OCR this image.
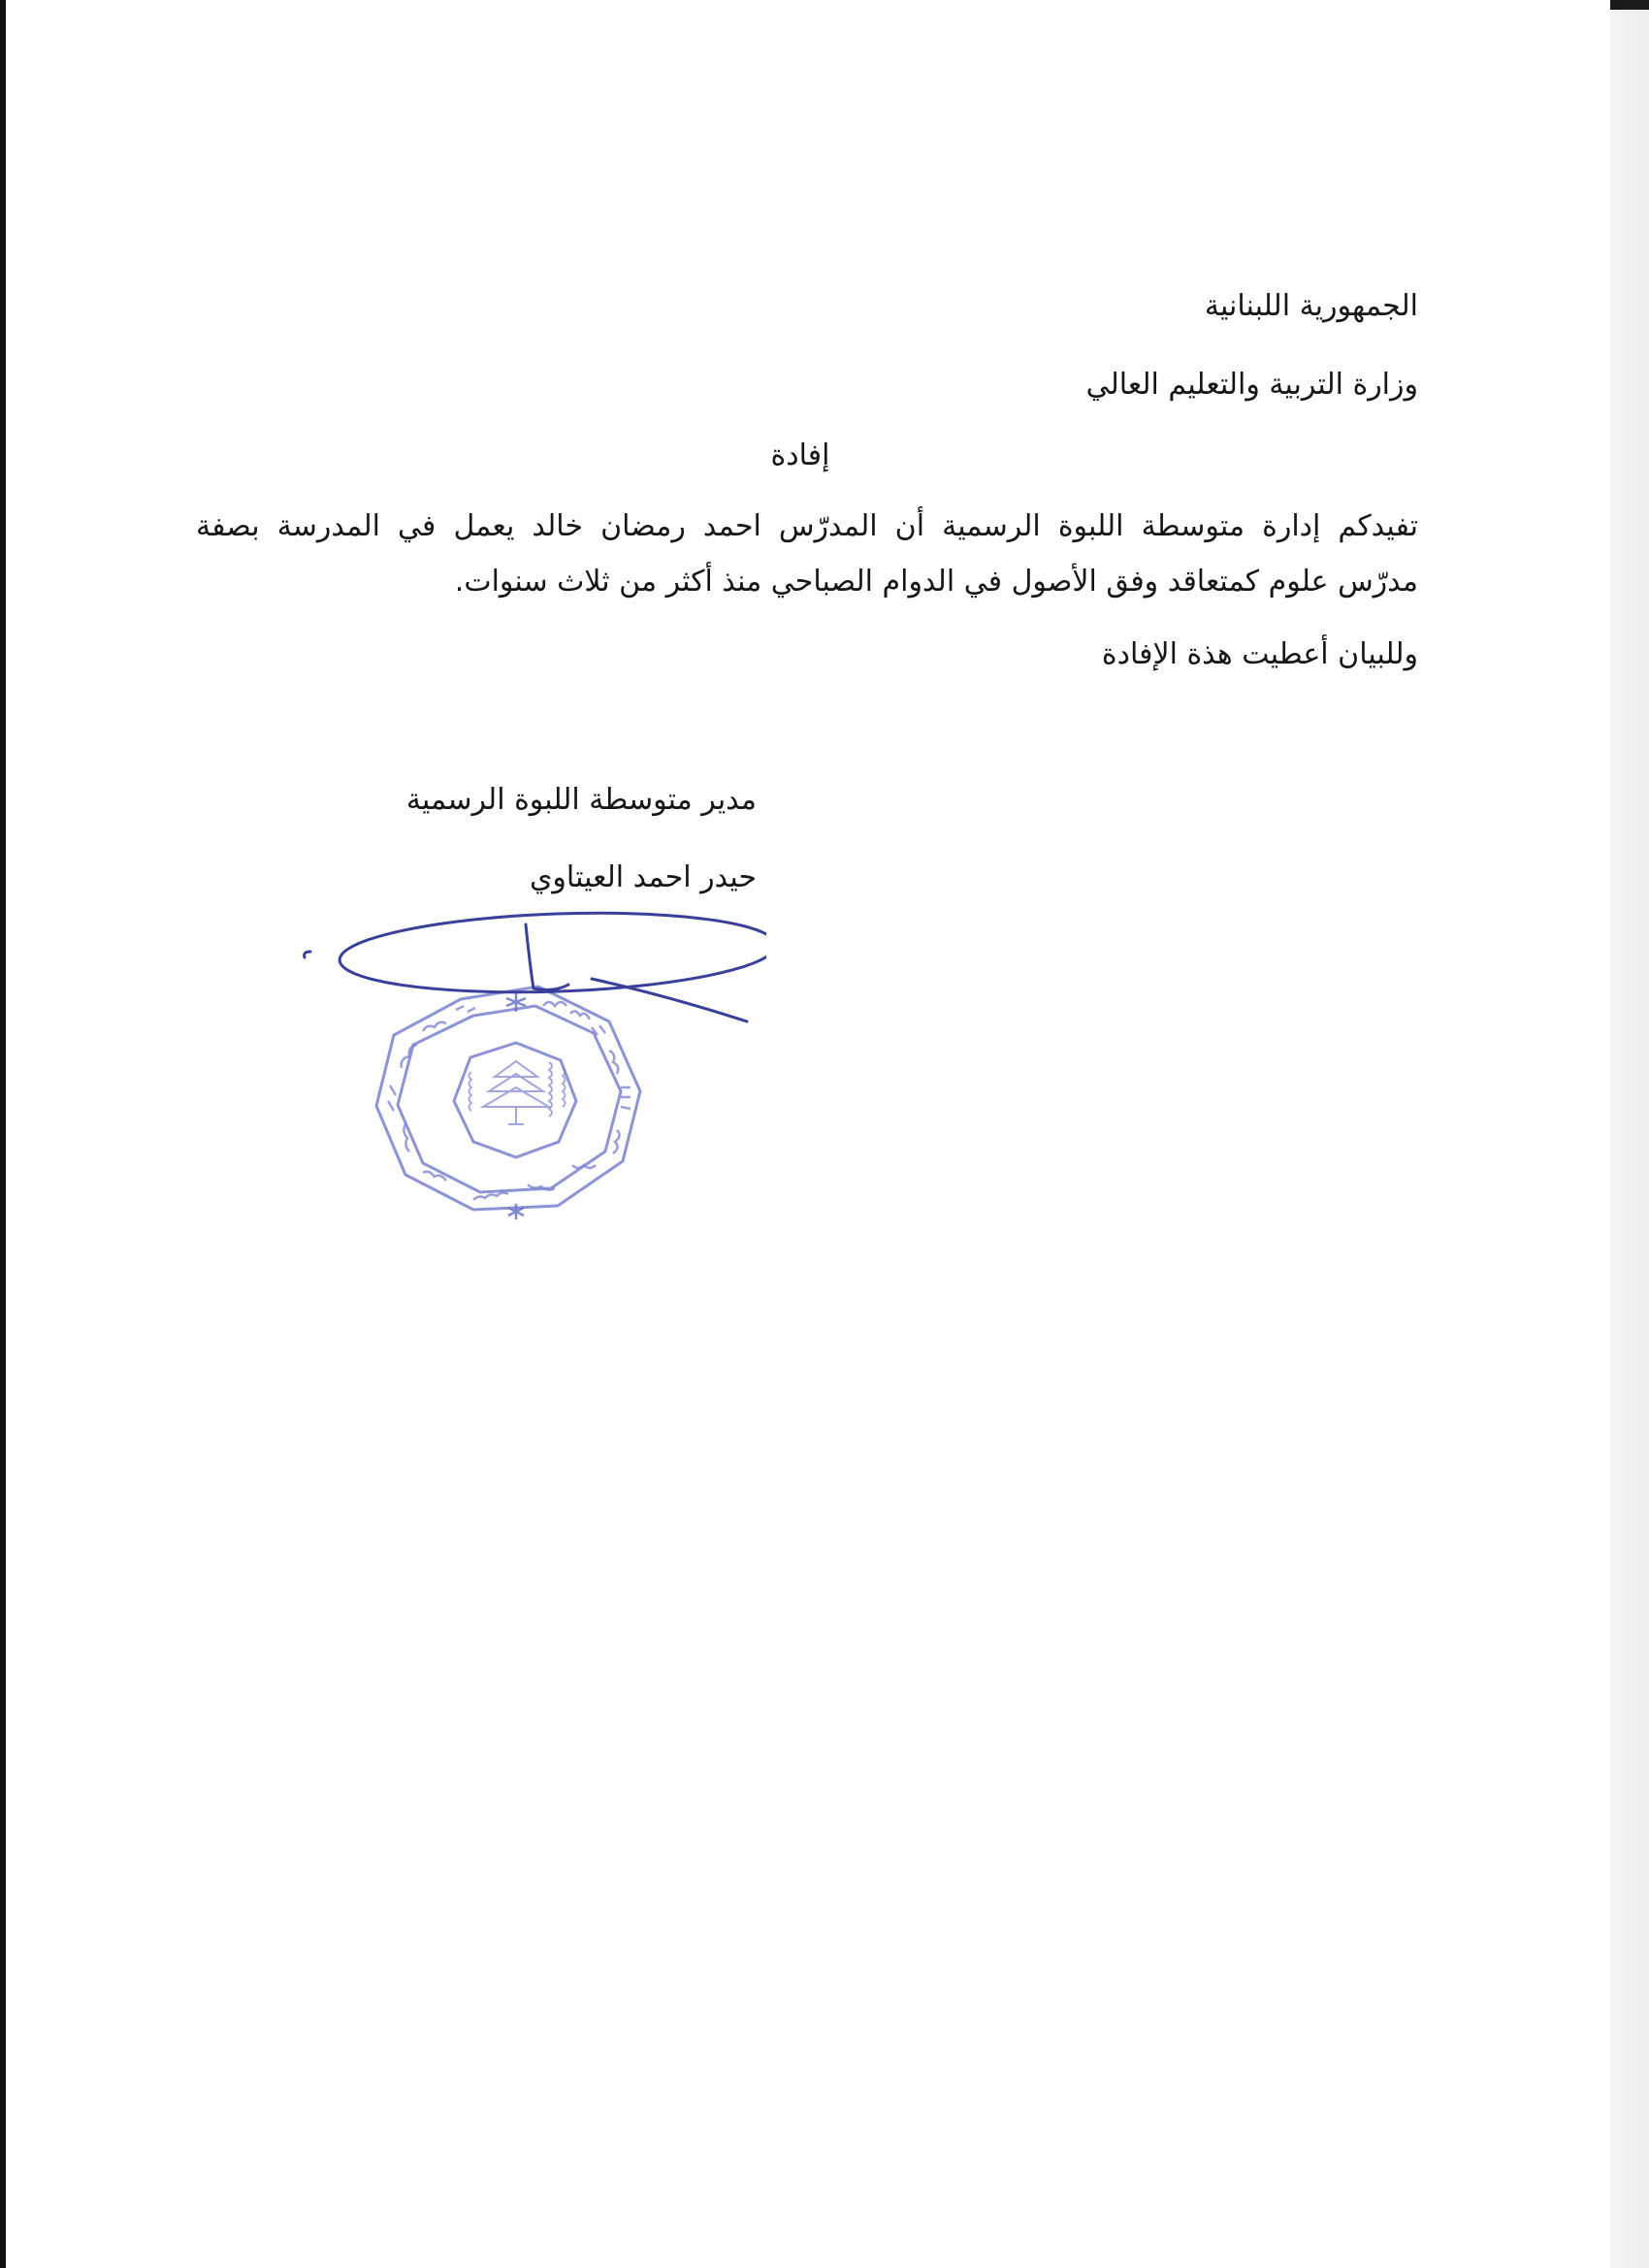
الجمهورية اللبنانية

وزارة التربية والتعليم العالي

إفادة

تفيدكم إدارة متوسطة اللبوة الرسمية أن المدرّس احمد رمضان خالد يعمل في المدرسة بصفة

مدرّس علوم كمتعاقد وفق الأصول في الدوام الصباحي منذ أكثر من ثلاث سنوات.

وللبيان أعطيت هذة الإفادة

مدير متوسطة اللبوة الرسمية

حيدر احمد العيتاوي
